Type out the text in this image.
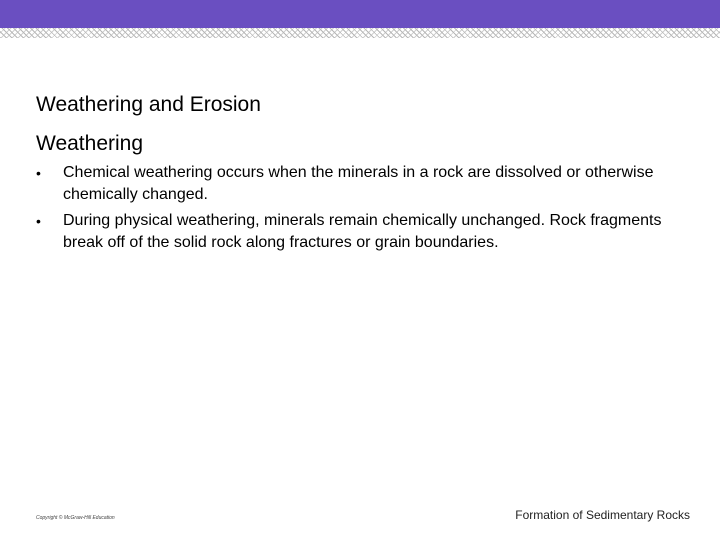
Weathering and Erosion
Weathering
•	Chemical weathering occurs when the minerals in a rock are dissolved or otherwise chemically changed.
•	During physical weathering, minerals remain chemically unchanged. Rock fragments break off of the solid rock along fractures or grain boundaries.
Copyright © McGraw-Hill Education	Formation of Sedimentary Rocks
